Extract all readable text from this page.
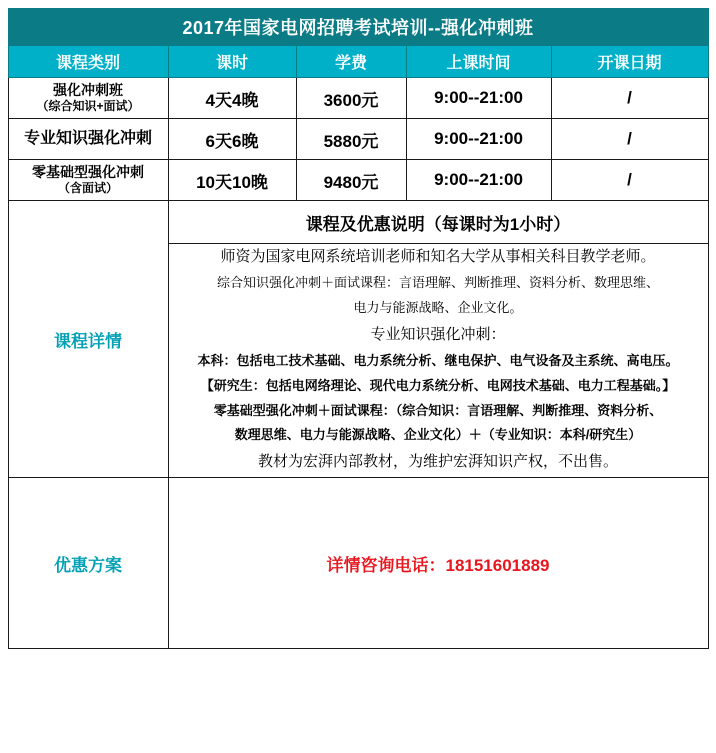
2017年国家电网招聘考试培训--强化冲刺班				
课程类别	课时	学费	上课时间	开课日期
强化冲刺班
（综合知识+面试）	4天4晚	3600元	9:00--21:00	/
专业知识强化冲刺	6天6晚	5880元	9:00--21:00	/
零基础型强化冲刺
（含面试）	10天10晚	9480元	9:00--21:00	/
课程详情	课程及优惠说明（每课时为1小时）			

师资为国家电网系统培训老师和知名大学从事相关科目教学老师。

综合知识强化冲刺＋面试课程：言语理解、判断推理、资料分析、数理思维、

电力与能源战略、企业文化。

专业知识强化冲刺：

本科：包括电工技术基础、电力系统分析、继电保护、电气设备及主系统、高电压。

【研究生：包括电网络理论、现代电力系统分析、电网技术基础、电力工程基础。】

零基础型强化冲刺＋面试课程：（综合知识：言语理解、判断推理、资料分析、

数理思维、电力与能源战略、企业文化）＋（专业知识：本科/研究生）

教材为宏湃内部教材，为维护宏湃知识产权，不出售。

优惠方案	详情咨询电话：18151601889			
